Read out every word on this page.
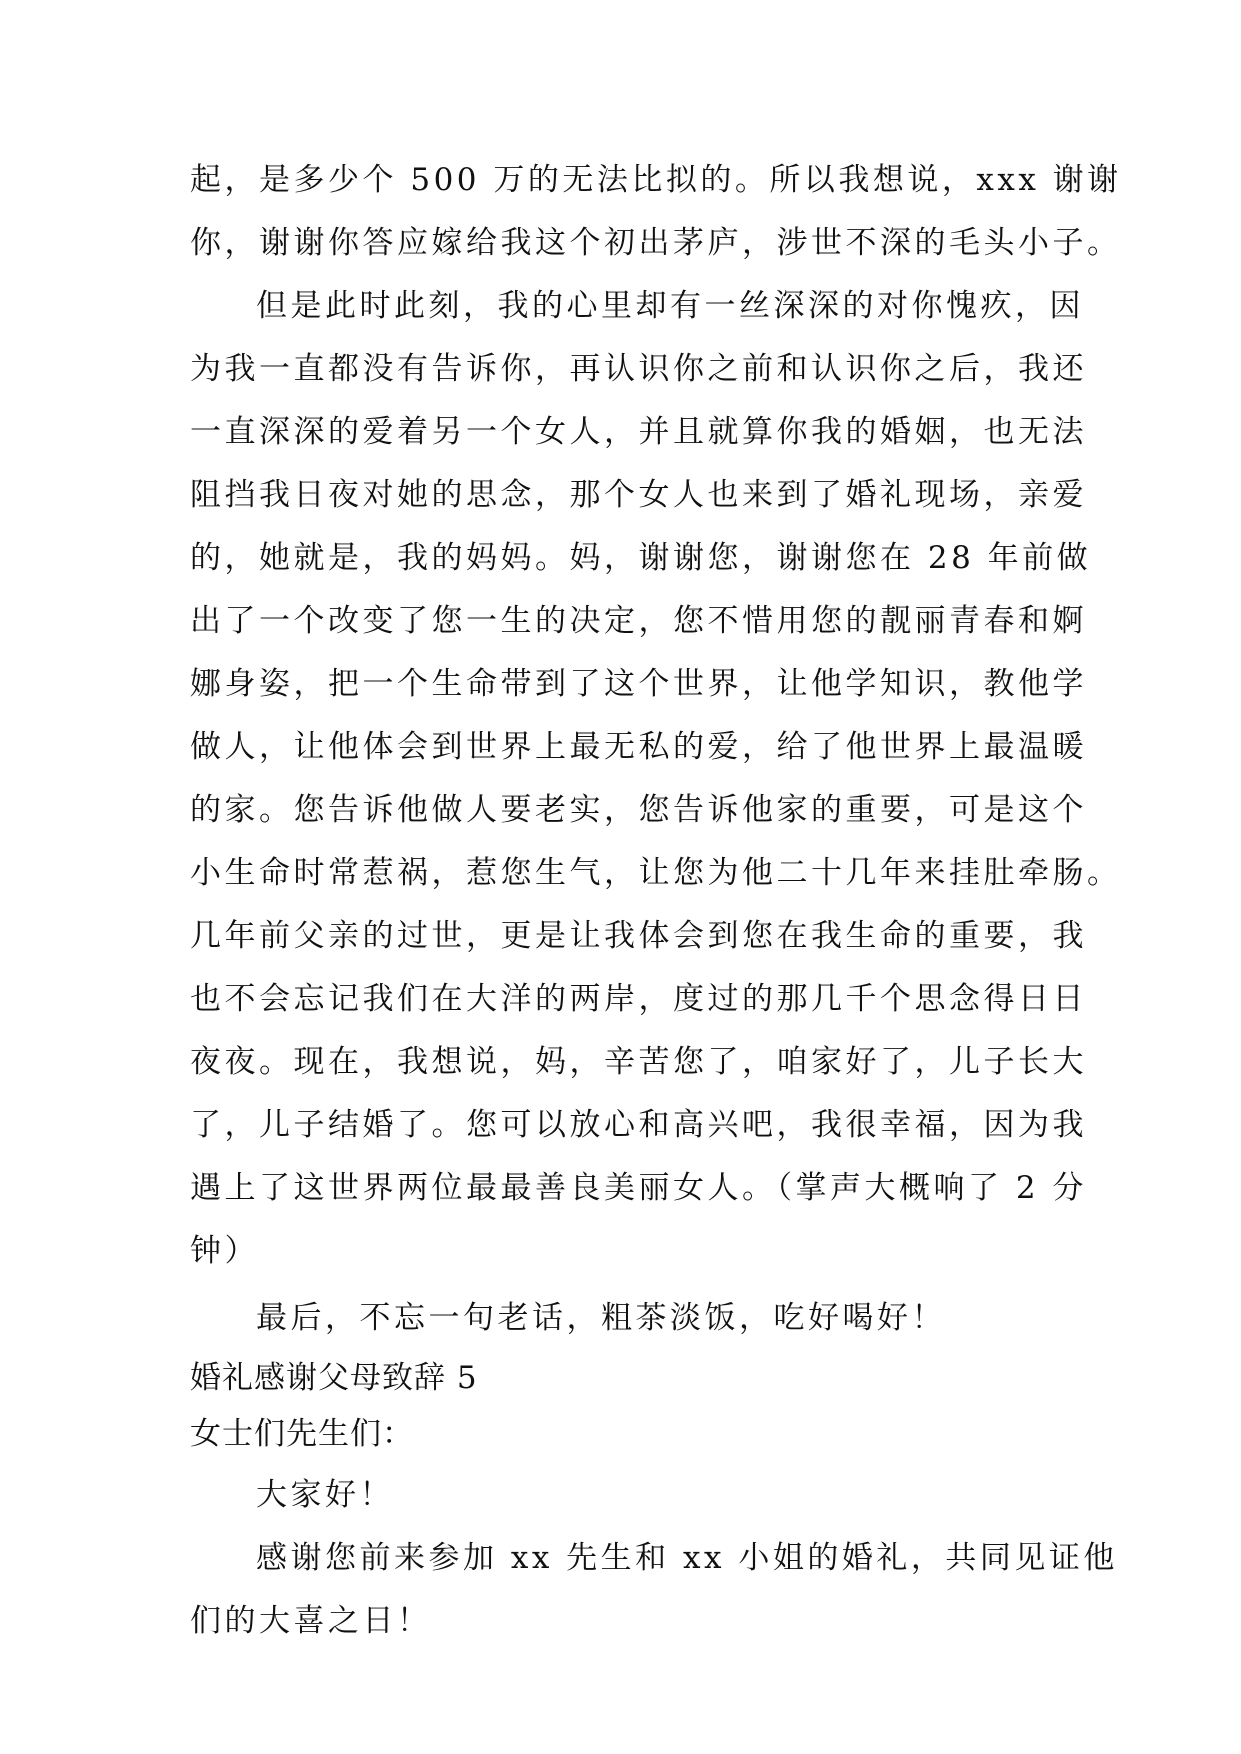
起，是多少个 500 万的无法比拟的。所以我想说，xxx 谢谢
你，谢谢你答应嫁给我这个初出茅庐，涉世不深的毛头小子。
但是此时此刻，我的心里却有一丝深深的对你愧疚，因
为我一直都没有告诉你，再认识你之前和认识你之后，我还
一直深深的爱着另一个女人，并且就算你我的婚姻，也无法
阻挡我日夜对她的思念，那个女人也来到了婚礼现场，亲爱
的，她就是，我的妈妈。妈，谢谢您，谢谢您在 28 年前做
出了一个改变了您一生的决定，您不惜用您的靓丽青春和婀
娜身姿，把一个生命带到了这个世界，让他学知识，教他学
做人，让他体会到世界上最无私的爱，给了他世界上最温暖
的家。您告诉他做人要老实，您告诉他家的重要，可是这个
小生命时常惹祸，惹您生气，让您为他二十几年来挂肚牵肠。
几年前父亲的过世，更是让我体会到您在我生命的重要，我
也不会忘记我们在大洋的两岸，度过的那几千个思念得日日
夜夜。现在，我想说，妈，辛苦您了，咱家好了，儿子长大
了，儿子结婚了。您可以放心和高兴吧，我很幸福，因为我
遇上了这世界两位最最善良美丽女人。（掌声大概响了 2 分
钟）
最后，不忘一句老话，粗茶淡饭，吃好喝好！
婚礼感谢父母致辞 5
女士们先生们：
大家好！
感谢您前来参加 xx 先生和 xx 小姐的婚礼，共同见证他
们的大喜之日！
